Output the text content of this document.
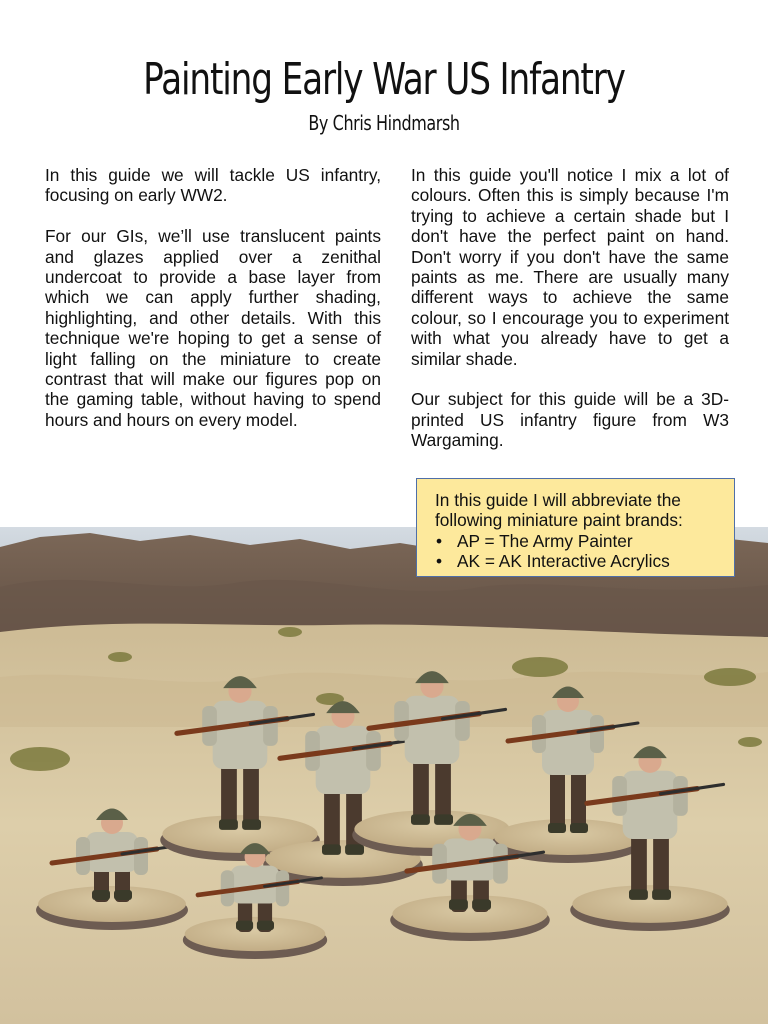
Painting Early War US Infantry
By Chris Hindmarsh

In this guide we will tackle US infantry, focusing on early WW2.

For our GIs, we’ll use translucent paints and glazes applied over a zenithal undercoat to provide a base layer from which we can apply further shading, highlighting, and other details. With this technique we're hoping to get a sense of light falling on the miniature to create contrast that will make our figures pop on the gaming table, without having to spend hours and hours on every model.

In this guide you'll notice I mix a lot of colours. Often this is simply because I'm trying to achieve a certain shade but I don't have the perfect paint on hand. Don't worry if you don't have the same paints as me. There are usually many different ways to achieve the same colour, so I encourage you to experiment with what you already have to get a similar shade.

Our subject for this guide will be a 3D-printed US infantry figure from W3 Wargaming.

In this guide I will abbreviate the following miniature paint brands:
• AP = The Army Painter
• AK = AK Interactive Acrylics
